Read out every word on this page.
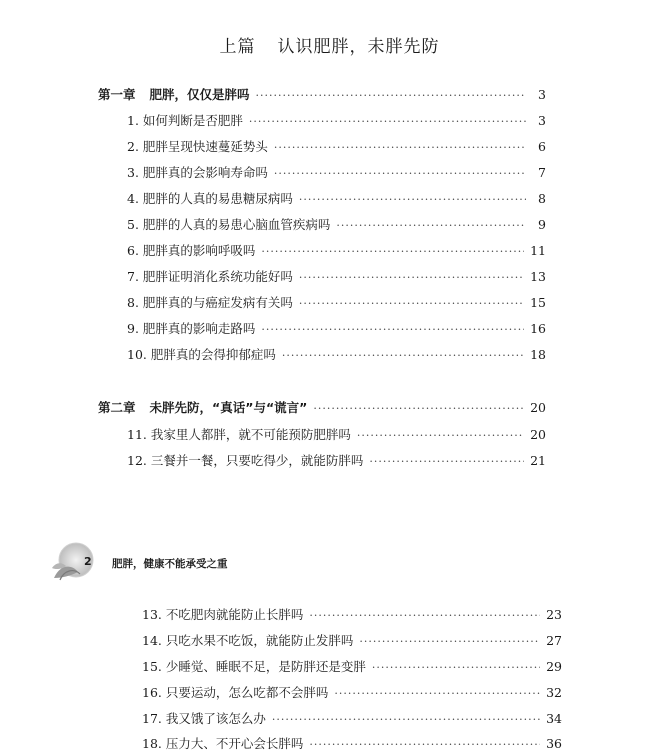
上篇 认识肥胖，未胖先防
第一章 肥胖，仅仅是胖吗 ·····	3
1. 如何判断是否肥胖 ·····	3
2. 肥胖呈现快速蔓延势头 ·····	6
3. 肥胖真的会影响寿命吗 ·····	7
4. 肥胖的人真的易患糖尿病吗 ·····	8
5. 肥胖的人真的易患心脑血管疾病吗 ·····	9
6. 肥胖真的影响呼吸吗 ·····	11
7. 肥胖证明消化系统功能好吗 ·····	13
8. 肥胖真的与癌症发病有关吗 ·····	15
9. 肥胖真的影响走路吗 ·····	16
10. 肥胖真的会得抑郁症吗 ·····	18
第二章 未胖先防，“真话”与“谎言” ·····	20
11. 我家里人都胖，就不可能预防肥胖吗 ·····	20
12. 三餐并一餐，只要吃得少，就能防胖吗 ·····	21
2 肥胖，健康不能承受之重
13. 不吃肥肉就能防止长胖吗 ·····	23
14. 只吃水果不吃饭，就能防止发胖吗 ·····	27
15. 少睡觉、睡眠不足，是防胖还是变胖 ·····	29
16. 只要运动，怎么吃都不会胖吗 ·····	32
17. 我又饿了该怎么办 ·····	34
18. 压力大、不开心会长胖吗 ·····	36
